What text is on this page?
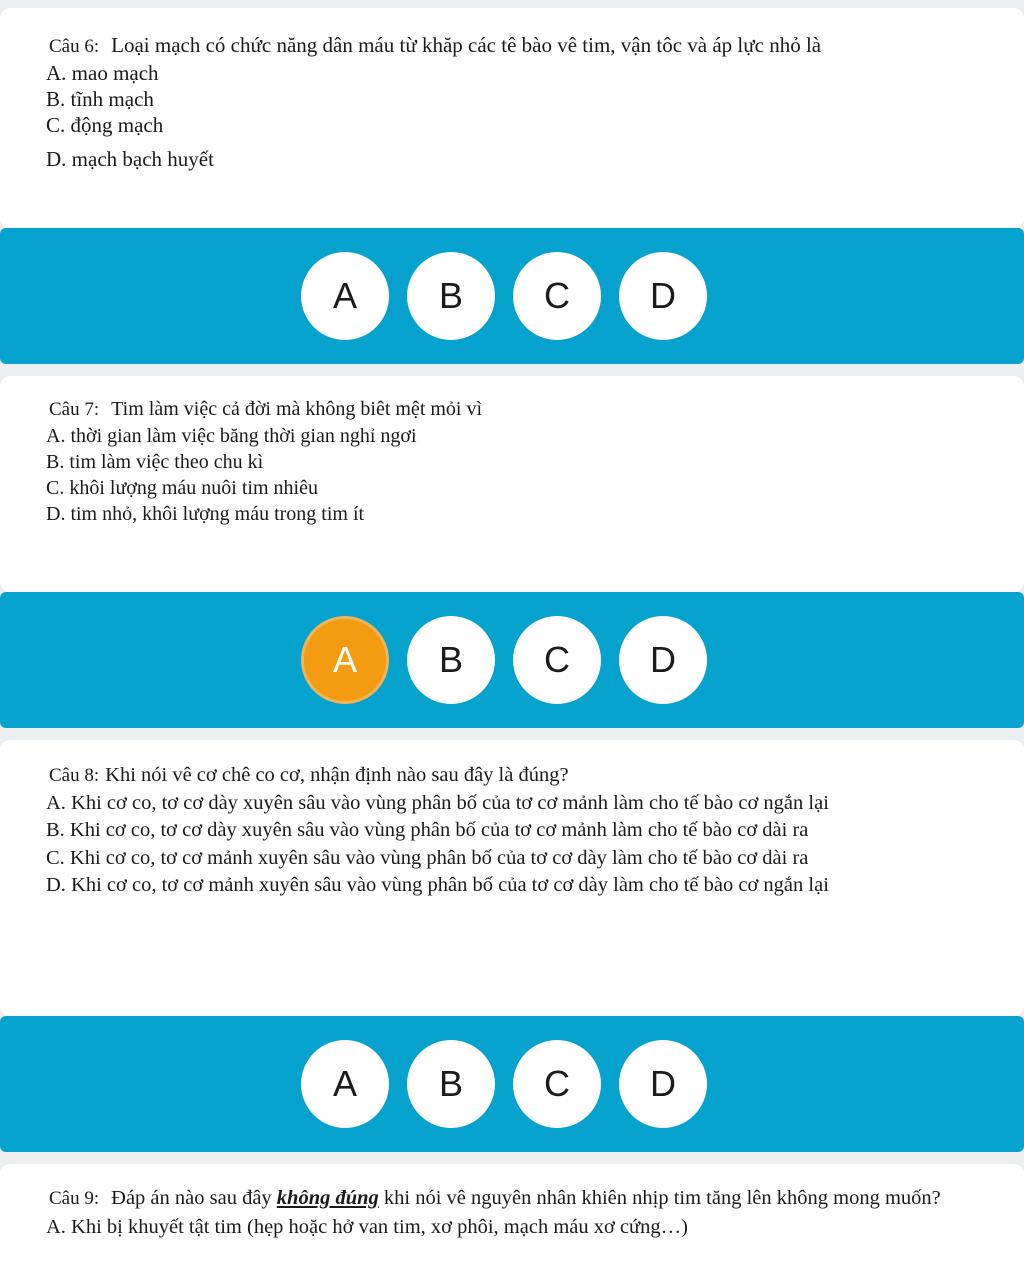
Câu 6: Loại mạch có chức năng dân máu từ khăp các tê bào vê tim, vận tôc và áp lực nhỏ là

A. mao mạch

B. tĩnh mạch

C. động mạch

D. mạch bạch huyết

A	B	C	D

Câu 7: Tim làm việc cả đời mà không biêt mệt mỏi vì

A. thời gian làm việc băng thời gian nghỉ ngơi

B. tim làm việc theo chu kì

C. khôi lượng máu nuôi tim nhiêu

D. tim nhỏ, khôi lượng máu trong tim ít

A	B	C	D

Câu 8: Khi nói vê cơ chê co cơ, nhận định nào sau đây là đúng?

A. Khi cơ co, tơ cơ dày xuyên sâu vào vùng phân bố của tơ cơ mảnh làm cho tế bào cơ ngắn lại

B. Khi cơ co, tơ cơ dày xuyên sâu vào vùng phân bố của tơ cơ mảnh làm cho tế bào cơ dài ra

C. Khi cơ co, tơ cơ mảnh xuyên sâu vào vùng phân bố của tơ cơ dày làm cho tế bào cơ dài ra

D. Khi cơ co, tơ cơ mảnh xuyên sâu vào vùng phân bố của tơ cơ dày làm cho tế bào cơ ngắn lại

A	B	C	D

Câu 9: Đáp án nào sau đây không đúng khi nói vê nguyên nhân khiên nhịp tim tăng lên không mong muốn?

A. Khi bị khuyết tật tim (hẹp hoặc hở van tim, xơ phôi, mạch máu xơ cứng…)
